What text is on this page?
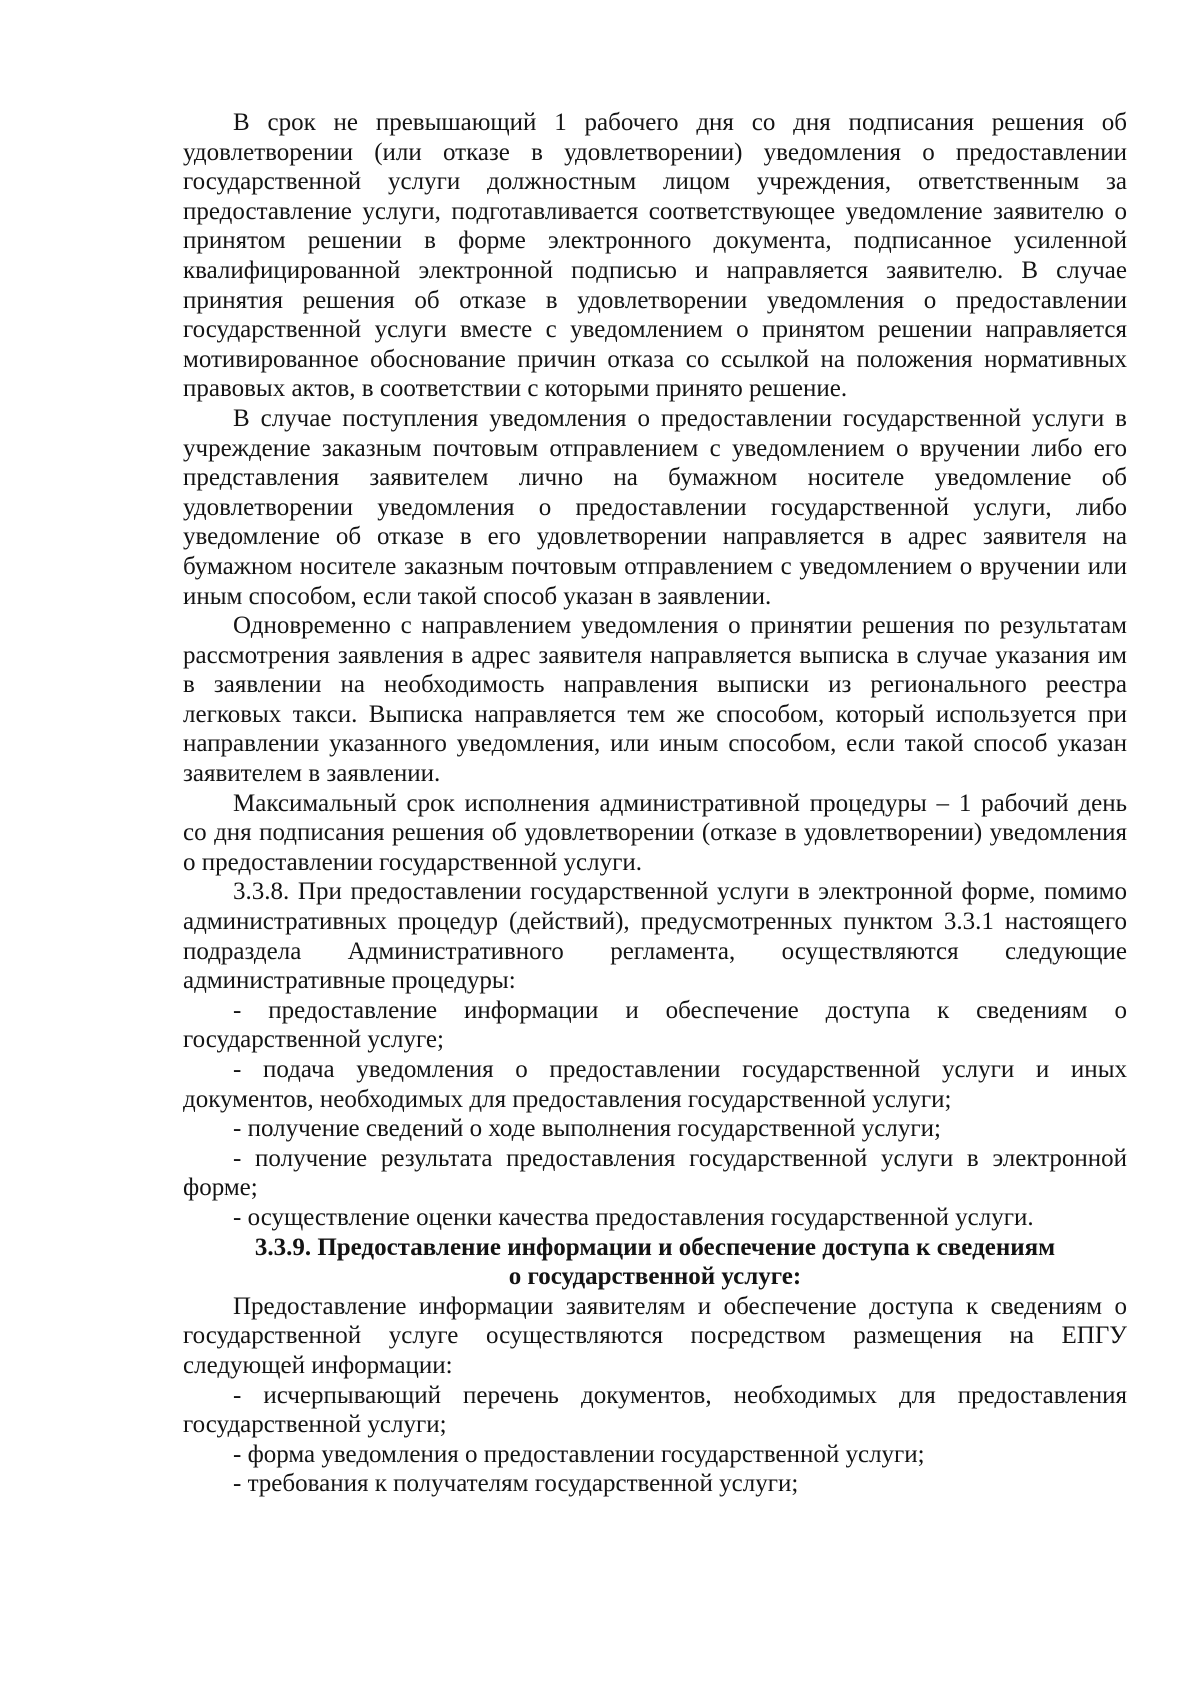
В срок не превышающий 1 рабочего дня со дня подписания решения об удовлетворении (или отказе в удовлетворении) уведомления о предоставлении государственной услуги должностным лицом учреждения, ответственным за предоставление услуги, подготавливается соответствующее уведомление заявителю о принятом решении в форме электронного документа, подписанное усиленной квалифицированной электронной подписью и направляется заявителю. В случае принятия решения об отказе в удовлетворении уведомления о предоставлении государственной услуги вместе с уведомлением о принятом решении направляется мотивированное обоснование причин отказа со ссылкой на положения нормативных правовых актов, в соответствии с которыми принято решение.

В случае поступления уведомления о предоставлении государственной услуги в учреждение заказным почтовым отправлением с уведомлением о вручении либо его представления заявителем лично на бумажном носителе уведомление об удовлетворении уведомления о предоставлении государственной услуги, либо уведомление об отказе в его удовлетворении направляется в адрес заявителя на бумажном носителе заказным почтовым отправлением с уведомлением о вручении или иным способом, если такой способ указан в заявлении.

Одновременно с направлением уведомления о принятии решения по результатам рассмотрения заявления в адрес заявителя направляется выписка в случае указания им в заявлении на необходимость направления выписки из регионального реестра легковых такси. Выписка направляется тем же способом, который используется при направлении указанного уведомления, или иным способом, если такой способ указан заявителем в заявлении.

Максимальный срок исполнения административной процедуры – 1 рабочий день со дня подписания решения об удовлетворении (отказе в удовлетворении) уведомления о предоставлении государственной услуги.

3.3.8. При предоставлении государственной услуги в электронной форме, помимо административных процедур (действий), предусмотренных пунктом 3.3.1 настоящего подраздела Административного регламента, осуществляются следующие административные процедуры:

- предоставление информации и обеспечение доступа к сведениям о государственной услуге;

- подача уведомления о предоставлении государственной услуги и иных документов, необходимых для предоставления государственной услуги;

- получение сведений о ходе выполнения государственной услуги;

- получение результата предоставления государственной услуги в электронной форме;

- осуществление оценки качества предоставления государственной услуги.

3.3.9. Предоставление информации и обеспечение доступа к сведениям
о государственной услуге:

Предоставление информации заявителям и обеспечение доступа к сведениям о государственной услуге осуществляются посредством размещения на ЕПГУ следующей информации:

- исчерпывающий перечень документов, необходимых для предоставления государственной услуги;

- форма уведомления о предоставлении государственной услуги;

- требования к получателям государственной услуги;
